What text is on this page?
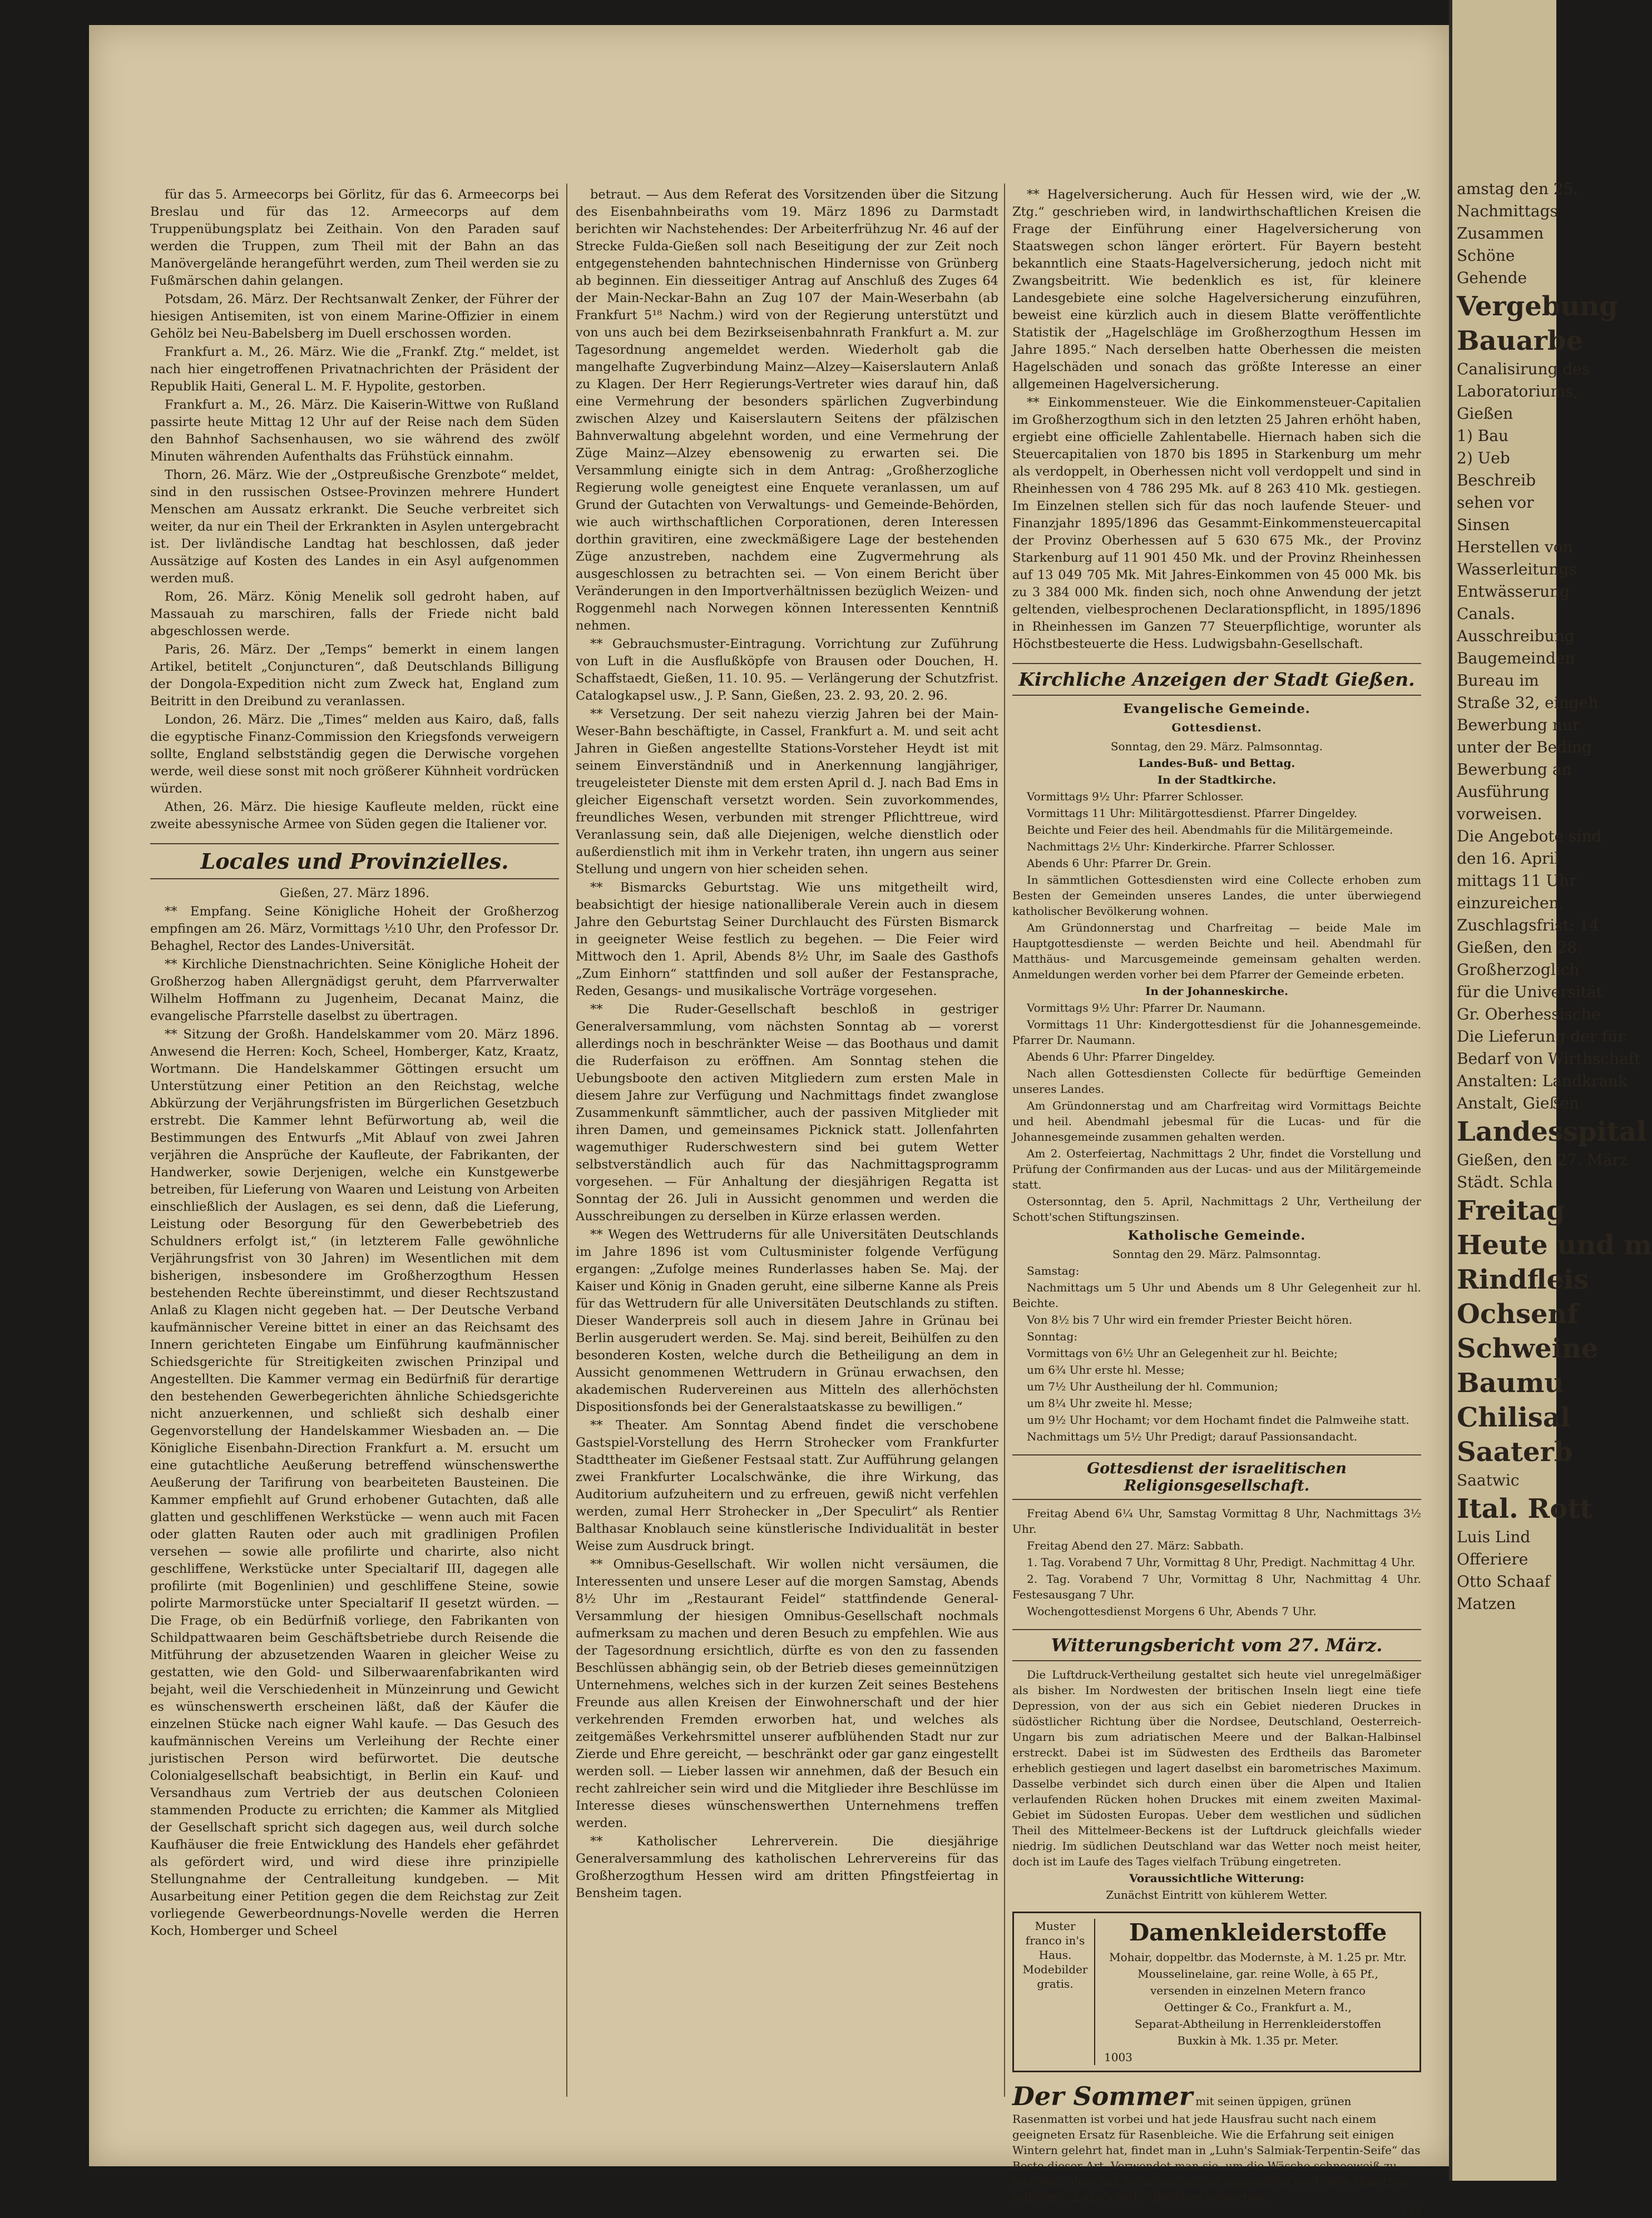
für das 5. Armeecorps bei Görlitz, für das 6. Armeecorps bei Breslau und für das 12. Armeecorps auf dem Truppenübungsplatz bei Zeithain. Von den Paraden sauf werden die Truppen, zum Theil mit der Bahn an das Manövergelände herangeführt werden, zum Theil werden sie zu Fußmärschen dahin gelangen.
Potsdam, 26. März. Der Rechtsanwalt Zenker, der Führer der hiesigen Antisemiten, ist von einem Marine-Offizier in einem Gehölz bei Neu-Babelsberg im Duell erschossen worden.
Frankfurt a. M., 26. März. Wie die „Frankf. Ztg.“ meldet, ist nach hier eingetroffenen Privatnachrichten der Präsident der Republik Haiti, General L. M. F. Hypolite, gestorben.
Frankfurt a. M., 26. März. Die Kaiserin-Wittwe von Rußland passirte heute Mittag 12 Uhr auf der Reise nach dem Süden den Bahnhof Sachsenhausen, wo sie während des zwölf Minuten währenden Aufenthalts das Frühstück einnahm.
Thorn, 26. März. Wie der „Ostpreußische Grenzbote“ meldet, sind in den russischen Ostsee-Provinzen mehrere Hundert Menschen am Aussatz erkrankt. Die Seuche verbreitet sich weiter, da nur ein Theil der Erkrankten in Asylen untergebracht ist. Der livländische Landtag hat beschlossen, daß jeder Aussätzige auf Kosten des Landes in ein Asyl aufgenommen werden muß.
Rom, 26. März. König Menelik soll gedroht haben, auf Massauah zu marschiren, falls der Friede nicht bald abgeschlossen werde.
Paris, 26. März. Der „Temps“ bemerkt in einem langen Artikel, betitelt „Conjuncturen“, daß Deutschlands Billigung der Dongola-Expedition nicht zum Zweck hat, England zum Beitritt in den Dreibund zu veranlassen.
London, 26. März. Die „Times“ melden aus Kairo, daß, falls die egyptische Finanz-Commission den Kriegsfonds verweigern sollte, England selbstständig gegen die Derwische vorgehen werde, weil diese sonst mit noch größerer Kühnheit vordrücken würden.
Athen, 26. März. Die hiesige Kaufleute melden, rückt eine zweite abessynische Armee von Süden gegen die Italiener vor.
Locales und Provinzielles.
Gießen, 27. März 1896.
** Empfang. Seine Königliche Hoheit der Großherzog empfingen am 26. März, Vormittags ½10 Uhr, den Professor Dr. Behaghel, Rector des Landes-Universität.
** Kirchliche Dienstnachrichten. Seine Königliche Hoheit der Großherzog haben Allergnädigst geruht, dem Pfarrverwalter Wilhelm Hoffmann zu Jugenheim, Decanat Mainz, die evangelische Pfarrstelle daselbst zu übertragen.
** Sitzung der Großh. Handelskammer vom 20. März 1896. Anwesend die Herren: Koch, Scheel, Homberger, Katz, Kraatz, Wortmann. Die Handelskammer Göttingen ersucht um Unterstützung einer Petition an den Reichstag, welche Abkürzung der Verjährungsfristen im Bürgerlichen Gesetzbuch erstrebt. Die Kammer lehnt Befürwortung ab, weil die Bestimmungen des Entwurfs „Mit Ablauf von zwei Jahren verjähren die Ansprüche der Kaufleute, der Fabrikanten, der Handwerker, sowie Derjenigen, welche ein Kunstgewerbe betreiben, für Lieferung von Waaren und Leistung von Arbeiten einschließlich der Auslagen, es sei denn, daß die Lieferung, Leistung oder Besorgung für den Gewerbebetrieb des Schuldners erfolgt ist,“ (in letzterem Falle gewöhnliche Verjährungsfrist von 30 Jahren) im Wesentlichen mit dem bisherigen, insbesondere im Großherzogthum Hessen bestehenden Rechte übereinstimmt, und dieser Rechtszustand Anlaß zu Klagen nicht gegeben hat. — Der Deutsche Verband kaufmännischer Vereine bittet in einer an das Reichsamt des Innern gerichteten Eingabe um Einführung kaufmännischer Schiedsgerichte für Streitigkeiten zwischen Prinzipal und Angestellten. Die Kammer vermag ein Bedürfniß für derartige den bestehenden Gewerbegerichten ähnliche Schiedsgerichte nicht anzuerkennen, und schließt sich deshalb einer Gegenvorstellung der Handelskammer Wiesbaden an. — Die Königliche Eisenbahn-Direction Frankfurt a. M. ersucht um eine gutachtliche Aeußerung betreffend wünschenswerthe Aeußerung der Tarifirung von bearbeiteten Bausteinen. Die Kammer empfiehlt auf Grund erhobener Gutachten, daß alle glatten und geschliffenen Werkstücke — wenn auch mit Facen oder glatten Rauten oder auch mit gradlinigen Profilen versehen — sowie alle profilirte und charirte, also nicht geschliffene, Werkstücke unter Specialtarif III, dagegen alle profilirte (mit Bogenlinien) und geschliffene Steine, sowie polirte Marmorstücke unter Specialtarif II gesetzt würden. — Die Frage, ob ein Bedürfniß vorliege, den Fabrikanten von Schildpattwaaren beim Geschäftsbetriebe durch Reisende die Mitführung der abzusetzenden Waaren in gleicher Weise zu gestatten, wie den Gold- und Silberwaarenfabrikanten wird bejaht, weil die Verschiedenheit in Münzeinrung und Gewicht es wünschenswerth erscheinen läßt, daß der Käufer die einzelnen Stücke nach eigner Wahl kaufe. — Das Gesuch des kaufmännischen Vereins um Verleihung der Rechte einer juristischen Person wird befürwortet. Die deutsche Colonialgesellschaft beabsichtigt, in Berlin ein Kauf- und Versandhaus zum Vertrieb der aus deutschen Colonieen stammenden Producte zu errichten; die Kammer als Mitglied der Gesellschaft spricht sich dagegen aus, weil durch solche Kaufhäuser die freie Entwicklung des Handels eher gefährdet als gefördert wird, und wird diese ihre prinzipielle Stellungnahme der Centralleitung kundgeben. — Mit Ausarbeitung einer Petition gegen die dem Reichstag zur Zeit vorliegende Gewerbeordnungs-Novelle werden die Herren Koch, Homberger und Scheel
betraut. — Aus dem Referat des Vorsitzenden über die Sitzung des Eisenbahnbeiraths vom 19. März 1896 zu Darmstadt berichten wir Nachstehendes: Der Arbeiterfrühzug Nr. 46 auf der Strecke Fulda-Gießen soll nach Beseitigung der zur Zeit noch entgegenstehenden bahntechnischen Hindernisse von Grünberg ab beginnen. Ein diesseitiger Antrag auf Anschluß des Zuges 64 der Main-Neckar-Bahn an Zug 107 der Main-Weserbahn (ab Frankfurt 5¹⁸ Nachm.) wird von der Regierung unterstützt und von uns auch bei dem Bezirkseisenbahnrath Frankfurt a. M. zur Tagesordnung angemeldet werden. Wiederholt gab die mangelhafte Zugverbindung Mainz—Alzey—Kaiserslautern Anlaß zu Klagen. Der Herr Regierungs-Vertreter wies darauf hin, daß eine Vermehrung der besonders spärlichen Zugverbindung zwischen Alzey und Kaiserslautern Seitens der pfälzischen Bahnverwaltung abgelehnt worden, und eine Vermehrung der Züge Mainz—Alzey ebensowenig zu erwarten sei. Die Versammlung einigte sich in dem Antrag: „Großherzogliche Regierung wolle geneigtest eine Enquete veranlassen, um auf Grund der Gutachten von Verwaltungs- und Gemeinde-Behörden, wie auch wirthschaftlichen Corporationen, deren Interessen dorthin gravitiren, eine zweckmäßigere Lage der bestehenden Züge anzustreben, nachdem eine Zugvermehrung als ausgeschlossen zu betrachten sei. — Von einem Bericht über Veränderungen in den Importverhältnissen bezüglich Weizen- und Roggenmehl nach Norwegen können Interessenten Kenntniß nehmen.
** Gebrauchsmuster-Eintragung. Vorrichtung zur Zuführung von Luft in die Ausflußköpfe von Brausen oder Douchen, H. Schaffstaedt, Gießen, 11. 10. 95. — Verlängerung der Schutzfrist. Catalogkapsel usw., J. P. Sann, Gießen, 23. 2. 93, 20. 2. 96.
** Versetzung. Der seit nahezu vierzig Jahren bei der Main-Weser-Bahn beschäftigte, in Cassel, Frankfurt a. M. und seit acht Jahren in Gießen angestellte Stations-Vorsteher Heydt ist mit seinem Einverständniß und in Anerkennung langjähriger, treugeleisteter Dienste mit dem ersten April d. J. nach Bad Ems in gleicher Eigenschaft versetzt worden. Sein zuvorkommendes, freundliches Wesen, verbunden mit strenger Pflichttreue, wird Veranlassung sein, daß alle Diejenigen, welche dienstlich oder außerdienstlich mit ihm in Verkehr traten, ihn ungern aus seiner Stellung und ungern von hier scheiden sehen.
** Bismarcks Geburtstag. Wie uns mitgetheilt wird, beabsichtigt der hiesige nationalliberale Verein auch in diesem Jahre den Geburtstag Seiner Durchlaucht des Fürsten Bismarck in geeigneter Weise festlich zu begehen. — Die Feier wird Mittwoch den 1. April, Abends 8½ Uhr, im Saale des Gasthofs „Zum Einhorn“ stattfinden und soll außer der Festansprache, Reden, Gesangs- und musikalische Vorträge vorgesehen.
** Die Ruder-Gesellschaft beschloß in gestriger Generalversammlung, vom nächsten Sonntag ab — vorerst allerdings noch in beschränkter Weise — das Boothaus und damit die Ruderfaison zu eröffnen. Am Sonntag stehen die Uebungsboote den activen Mitgliedern zum ersten Male in diesem Jahre zur Verfügung und Nachmittags findet zwanglose Zusammenkunft sämmtlicher, auch der passiven Mitglieder mit ihren Damen, und gemeinsames Picknick statt. Jollenfahrten wagemuthiger Ruderschwestern sind bei gutem Wetter selbstverständlich auch für das Nachmittagsprogramm vorgesehen. — Für Anhaltung der diesjährigen Regatta ist Sonntag der 26. Juli in Aussicht genommen und werden die Ausschreibungen zu derselben in Kürze erlassen werden.
** Wegen des Wettruderns für alle Universitäten Deutschlands im Jahre 1896 ist vom Cultusminister folgende Verfügung ergangen: „Zufolge meines Runderlasses haben Se. Maj. der Kaiser und König in Gnaden geruht, eine silberne Kanne als Preis für das Wettrudern für alle Universitäten Deutschlands zu stiften. Dieser Wanderpreis soll auch in diesem Jahre in Grünau bei Berlin ausgerudert werden. Se. Maj. sind bereit, Beihülfen zu den besonderen Kosten, welche durch die Betheiligung an dem in Aussicht genommenen Wettrudern in Grünau erwachsen, den akademischen Rudervereinen aus Mitteln des allerhöchsten Dispositionsfonds bei der Generalstaatskasse zu bewilligen.“
** Theater. Am Sonntag Abend findet die verschobene Gastspiel-Vorstellung des Herrn Strohecker vom Frankfurter Stadttheater im Gießener Festsaal statt. Zur Aufführung gelangen zwei Frankfurter Localschwänke, die ihre Wirkung, das Auditorium aufzuheitern und zu erfreuen, gewiß nicht verfehlen werden, zumal Herr Strohecker in „Der Speculirt“ als Rentier Balthasar Knoblauch seine künstlerische Individualität in bester Weise zum Ausdruck bringt.
** Omnibus-Gesellschaft. Wir wollen nicht versäumen, die Interessenten und unsere Leser auf die morgen Samstag, Abends 8½ Uhr im „Restaurant Feidel“ stattfindende General-Versammlung der hiesigen Omnibus-Gesellschaft nochmals aufmerksam zu machen und deren Besuch zu empfehlen. Wie aus der Tagesordnung ersichtlich, dürfte es von den zu fassenden Beschlüssen abhängig sein, ob der Betrieb dieses gemeinnützigen Unternehmens, welches sich in der kurzen Zeit seines Bestehens Freunde aus allen Kreisen der Einwohnerschaft und der hier verkehrenden Fremden erworben hat, und welches als zeitgemäßes Verkehrsmittel unserer aufblühenden Stadt nur zur Zierde und Ehre gereicht, — beschränkt oder gar ganz eingestellt werden soll. — Lieber lassen wir annehmen, daß der Besuch ein recht zahlreicher sein wird und die Mitglieder ihre Beschlüsse im Interesse dieses wünschenswerthen Unternehmens treffen werden.
** Katholischer Lehrerverein. Die diesjährige Generalversammlung des katholischen Lehrervereins für das Großherzogthum Hessen wird am dritten Pfingstfeiertag in Bensheim tagen.
** Hagelversicherung. Auch für Hessen wird, wie der „W. Ztg.“ geschrieben wird, in landwirthschaftlichen Kreisen die Frage der Einführung einer Hagelversicherung von Staatswegen schon länger erörtert. Für Bayern besteht bekanntlich eine Staats-Hagelversicherung, jedoch nicht mit Zwangsbeitritt. Wie bedenklich es ist, für kleinere Landesgebiete eine solche Hagelversicherung einzuführen, beweist eine kürzlich auch in diesem Blatte veröffentlichte Statistik der „Hagelschläge im Großherzogthum Hessen im Jahre 1895.“ Nach derselben hatte Oberhessen die meisten Hagelschäden und sonach das größte Interesse an einer allgemeinen Hagelversicherung.
** Einkommensteuer. Wie die Einkommensteuer-Capitalien im Großherzogthum sich in den letzten 25 Jahren erhöht haben, ergiebt eine officielle Zahlentabelle. Hiernach haben sich die Steuercapitalien von 1870 bis 1895 in Starkenburg um mehr als verdoppelt, in Oberhessen nicht voll verdoppelt und sind in Rheinhessen von 4 786 295 Mk. auf 8 263 410 Mk. gestiegen. Im Einzelnen stellen sich für das noch laufende Steuer- und Finanzjahr 1895/1896 das Gesammt-Einkommensteuercapital der Provinz Oberhessen auf 5 630 675 Mk., der Provinz Starkenburg auf 11 901 450 Mk. und der Provinz Rheinhessen auf 13 049 705 Mk. Mit Jahres-Einkommen von 45 000 Mk. bis zu 3 384 000 Mk. finden sich, noch ohne Anwendung der jetzt geltenden, vielbesprochenen Declarationspflicht, in 1895/1896 in Rheinhessen im Ganzen 77 Steuerpflichtige, worunter als Höchstbesteuerte die Hess. Ludwigsbahn-Gesellschaft.
Kirchliche Anzeigen der Stadt Gießen.
Evangelische Gemeinde.
Gottesdienst.
Sonntag, den 29. März. Palmsonntag.
Landes-Buß- und Bettag.
In der Stadtkirche.
Vormittags 9½ Uhr: Pfarrer Schlosser.
Vormittags 11 Uhr: Militärgottesdienst. Pfarrer Dingeldey.
Beichte und Feier des heil. Abendmahls für die Militärgemeinde.
Nachmittags 2½ Uhr: Kinderkirche. Pfarrer Schlosser.
Abends 6 Uhr: Pfarrer Dr. Grein.
In sämmtlichen Gottesdiensten wird eine Collecte erhoben zum Besten der Gemeinden unseres Landes, die unter überwiegend katholischer Bevölkerung wohnen.
Am Gründonnerstag und Charfreitag — beide Male im Hauptgottesdienste — werden Beichte und heil. Abendmahl für Matthäus- und Marcusgemeinde gemeinsam gehalten werden. Anmeldungen werden vorher bei dem Pfarrer der Gemeinde erbeten.
In der Johanneskirche.
Vormittags 9½ Uhr: Pfarrer Dr. Naumann.
Vormittags 11 Uhr: Kindergottesdienst für die Johannesgemeinde. Pfarrer Dr. Naumann.
Abends 6 Uhr: Pfarrer Dingeldey.
Nach allen Gottesdiensten Collecte für bedürftige Gemeinden unseres Landes.
Am Gründonnerstag und am Charfreitag wird Vormittags Beichte und heil. Abendmahl jebesmal für die Lucas- und für die Johannesgemeinde zusammen gehalten werden.
Am 2. Osterfeiertag, Nachmittags 2 Uhr, findet die Vorstellung und Prüfung der Confirmanden aus der Lucas- und aus der Militärgemeinde statt.
Ostersonntag, den 5. April, Nachmittags 2 Uhr, Vertheilung der Schott'schen Stiftungszinsen.
Katholische Gemeinde.
Sonntag den 29. März. Palmsonntag.
Samstag:
Nachmittags um 5 Uhr und Abends um 8 Uhr Gelegenheit zur hl. Beichte.
Von 8½ bis 7 Uhr wird ein fremder Priester Beicht hören.
Sonntag:
Vormittags von 6½ Uhr an Gelegenheit zur hl. Beichte;
um 6¾ Uhr erste hl. Messe;
um 7½ Uhr Austheilung der hl. Communion;
um 8¼ Uhr zweite hl. Messe;
um 9½ Uhr Hochamt; vor dem Hochamt findet die Palmweihe statt.
Nachmittags um 5½ Uhr Predigt; darauf Passionsandacht.
Gottesdienst der israelitischen Religionsgesellschaft.
Freitag Abend 6¼ Uhr, Samstag Vormittag 8 Uhr, Nachmittags 3½ Uhr.
Freitag Abend den 27. März: Sabbath.
1. Tag. Vorabend 7 Uhr, Vormittag 8 Uhr, Predigt. Nachmittag 4 Uhr.
2. Tag. Vorabend 7 Uhr, Vormittag 8 Uhr, Nachmittag 4 Uhr. Festesausgang 7 Uhr.
Wochengottesdienst Morgens 6 Uhr, Abends 7 Uhr.
Witterungsbericht vom 27. März.
Die Luftdruck-Vertheilung gestaltet sich heute viel unregelmäßiger als bisher. Im Nordwesten der britischen Inseln liegt eine tiefe Depression, von der aus sich ein Gebiet niederen Druckes in südöstlicher Richtung über die Nordsee, Deutschland, Oesterreich-Ungarn bis zum adriatischen Meere und der Balkan-Halbinsel erstreckt. Dabei ist im Südwesten des Erdtheils das Barometer erheblich gestiegen und lagert daselbst ein barometrisches Maximum. Dasselbe verbindet sich durch einen über die Alpen und Italien verlaufenden Rücken hohen Druckes mit einem zweiten Maximal-Gebiet im Südosten Europas. Ueber dem westlichen und südlichen Theil des Mittelmeer-Beckens ist der Luftdruck gleichfalls wieder niedrig. Im südlichen Deutschland war das Wetter noch meist heiter, doch ist im Laufe des Tages vielfach Trübung eingetreten.
Voraussichtliche Witterung:
Zunächst Eintritt von kühlerem Wetter.
Muster franco in's Haus. Modebilder gratis.
Damenkleiderstoffe
Mohair, doppeltbr. das Modernste, à M. 1.25 pr. Mtr.
Mousselinelaine, gar. reine Wolle, à 65 Pf.,
versenden in einzelnen Metern franco
Oettinger & Co., Frankfurt a. M.,
Separat-Abtheilung in Herrenkleiderstoffen
Buxkin à Mk. 1.35 pr. Meter.
1003
Der Sommer mit seinen üppigen, grünen Rasenmatten ist vorbei und hat jede Hausfrau sucht nach einem geeigneten Ersatz für Rasenbleiche. Wie die Erfahrung seit einigen Wintern gelehrt hat, findet man in „Luhn's Salmiak-Terpentin-Seife“ das Beste dieser Art. Verwendet man sie, um die Wäsche schneeweiß zu bleichen, ohne daß sie im geringsten angegriffen wird. Jede Haustrau sollte mit „Luhn's Seife“ Bleichen versuchen.
133
amstag den 25.
Nachmittags
Zusammen
Schöne
Gehende
Vergebung
Bauarbe
Canalisirung des
Laboratoriums,
Gießen
1) Bau
2) Ueb
Beschreib
sehen vor
Sinsen
Herstellen von
Wasserleitungs
Entwässerung
Canals.
Ausschreibung
Baugemeinden
Bureau im
Straße 32, eingeh
Bewerbung nur
unter der Beding
Bewerbung an
Ausführung
vorweisen.
Die Angebote sind
den 16. April
mittags 11 Uhr
einzureichen.
Zuschlagsfrist: 14
Gießen, den 28.
Großherzoglich
für die Universität
Gr. Oberhessische
Die Lieferung der für
Bedarf von Wirthschaft
Anstalten: Landkrank
Anstalt, Gießen
Landesspital
Gießen, den 27. März
Städt. Schla
Freitag
Heute und m
Rindfleis
Ochsenf
Schweine
Baumu
Chilisal
Saaterb
Saatwic
Ital. Rott
Luis Lind
Offeriere
Otto Schaaf
Matzen
